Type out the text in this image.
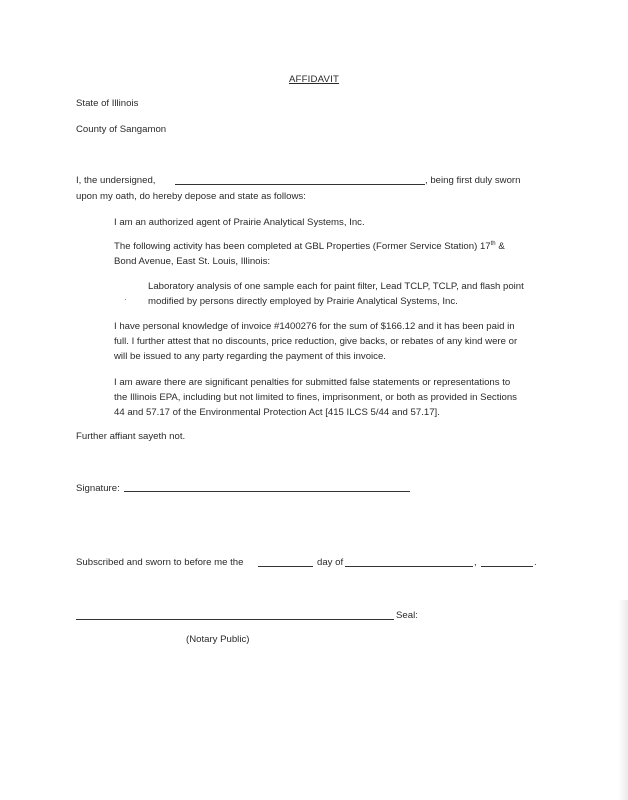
AFFIDAVIT
State of Illinois
County of Sangamon
I, the undersigned,	, being first duly sworn
upon my oath, do hereby depose and state as follows:
I am an authorized agent of Prairie Analytical Systems, Inc.
The following activity has been completed at GBL Properties (Former Service Station) 17th &
Bond Avenue, East St. Louis, Illinois:
Laboratory analysis of one sample each for paint filter, Lead TCLP, TCLP, and flash point
· modified by persons directly employed by Prairie Analytical Systems, Inc.
I have personal knowledge of invoice #1400276 for the sum of $166.12 and it has been paid in
full. I further attest that no discounts, price reduction, give backs, or rebates of any kind were or
will be issued to any party regarding the payment of this invoice.
I am aware there are significant penalties for submitted false statements or representations to
the Illinois EPA, including but not limited to fines, imprisonment, or both as provided in Sections
44 and 57.17 of the Environmental Protection Act [415 ILCS 5/44 and 57.17].
Further affiant sayeth not.
Signature:
Subscribed and sworn to before me the	day of	,	.
Seal:
(Notary Public)
